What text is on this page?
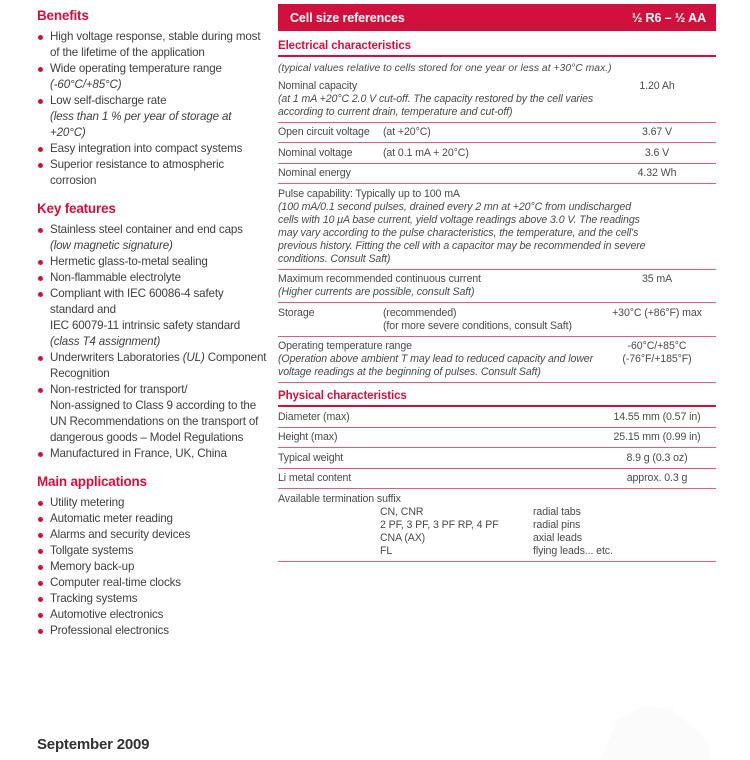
Benefits
High voltage response, stable during most of the lifetime of the application
Wide operating temperature range (-60°C/+85°C)
Low self-discharge rate
(less than 1 % per year of storage at +20°C)
Easy integration into compact systems
Superior resistance to atmospheric corrosion
Key features
Stainless steel container and end caps
(low magnetic signature)
Hermetic glass-to-metal sealing
Non-flammable electrolyte
Compliant with IEC 60086-4 safety standard and
IEC 60079-11 intrinsic safety standard (class T4 assignment)
Underwriters Laboratories (UL) Component Recognition
Non-restricted for transport/
Non-assigned to Class 9 according to the UN Recommendations on the transport of dangerous goods – Model Regulations
Manufactured in France, UK, China
Main applications
Utility metering
Automatic meter reading
Alarms and security devices
Tollgate systems
Memory back-up
Computer real-time clocks
Tracking systems
Automotive electronics
Professional electronics
Cell size references	½ R6 – ½ AA
Electrical characteristics
(typical values relative to cells stored for one year or less at +30°C max.)
Nominal capacity
(at 1 mA +20°C 2.0 V cut-off. The capacity restored by the cell varies according to current drain, temperature and cut-off)
1.20 Ah
Open circuit voltage	(at +20°C)	3.67 V
Nominal voltage	(at 0.1 mA + 20°C)	3.6 V
Nominal energy	4.32 Wh
Pulse capability: Typically up to 100 mA
(100 mA/0.1 second pulses, drained every 2 mn at +20°C from undischarged cells with 10 μA base current, yield voltage readings above 3.0 V. The readings may vary according to the pulse characteristics, the temperature, and the cell's previous history. Fitting the cell with a capacitor may be recommended in severe conditions. Consult Saft)
Maximum recommended continuous current
(Higher currents are possible, consult Saft)
35 mA
Storage	(recommended)
(for more severe conditions, consult Saft)
+30°C (+86°F) max
Operating temperature range
(Operation above ambient T may lead to reduced capacity and lower voltage readings at the beginning of pulses. Consult Saft)
-60°C/+85°C
(-76°F/+185°F)
Physical characteristics
Diameter (max)	14.55 mm (0.57 in)
Height (max)	25.15 mm (0.99 in)
Typical weight	8.9 g (0.3 oz)
Li metal content	approx. 0.3 g
Available termination suffix
CN, CNR	radial tabs
2 PF, 3 PF, 3 PF RP, 4 PF	radial pins
CNA (AX)	axial leads
FL	flying leads... etc.
September 2009
